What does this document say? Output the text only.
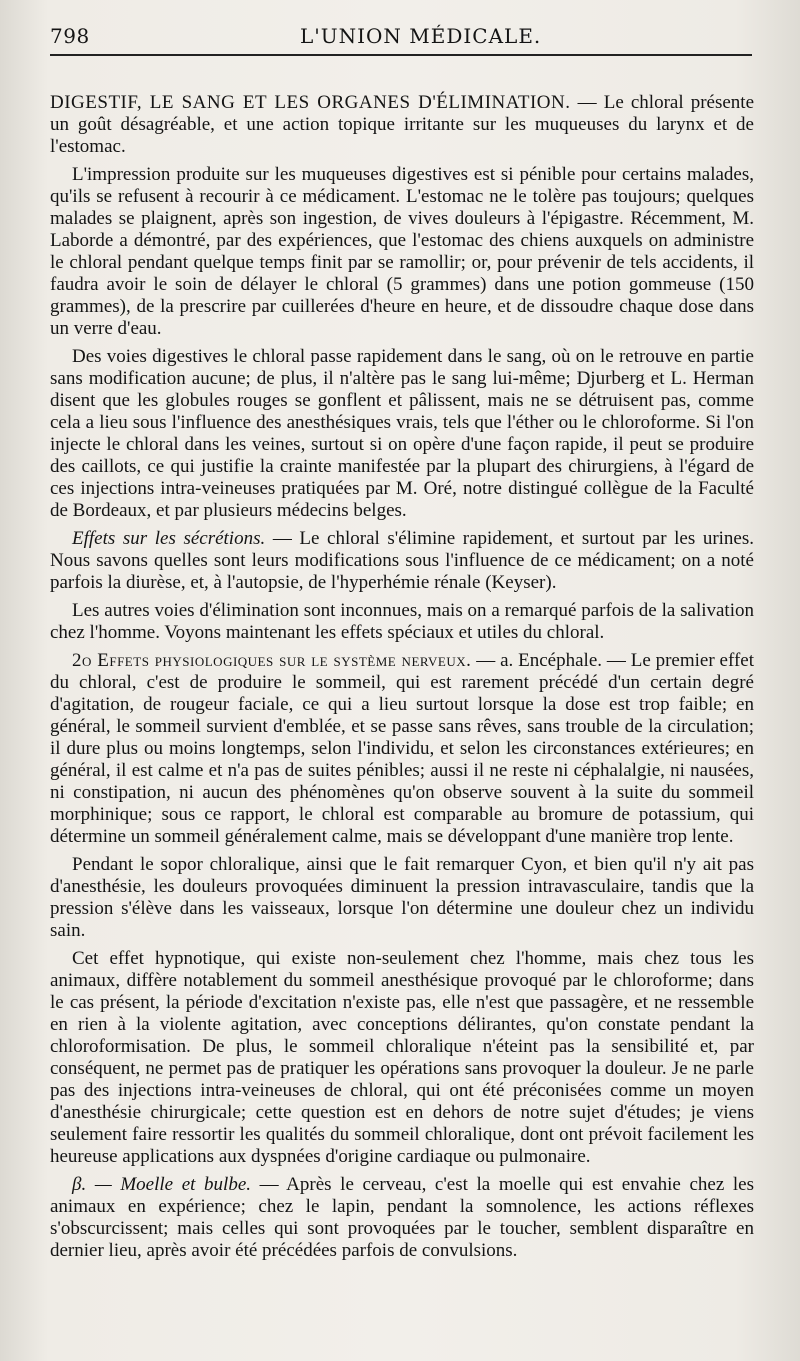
798	L'UNION MÉDICALE.

DIGESTIF, LE SANG ET LES ORGANES D'ÉLIMINATION. — Le chloral présente un goût désagréable, et une action topique irritante sur les muqueuses du larynx et de l'estomac.

L'impression produite sur les muqueuses digestives est si pénible pour certains malades, qu'ils se refusent à recourir à ce médicament. L'estomac ne le tolère pas toujours; quelques malades se plaignent, après son ingestion, de vives douleurs à l'épigastre. Récemment, M. Laborde a démontré, par des expériences, que l'estomac des chiens auxquels on administre le chloral pendant quelque temps finit par se ramollir; or, pour prévenir de tels accidents, il faudra avoir le soin de délayer le chloral (5 grammes) dans une potion gommeuse (150 grammes), de la prescrire par cuillerées d'heure en heure, et de dissoudre chaque dose dans un verre d'eau.

Des voies digestives le chloral passe rapidement dans le sang, où on le retrouve en partie sans modification aucune; de plus, il n'altère pas le sang lui-même; Djurberg et L. Herman disent que les globules rouges se gonflent et pâlissent, mais ne se détruisent pas, comme cela a lieu sous l'influence des anesthésiques vrais, tels que l'éther ou le chloroforme. Si l'on injecte le chloral dans les veines, surtout si on opère d'une façon rapide, il peut se produire des caillots, ce qui justifie la crainte manifestée par la plupart des chirurgiens, à l'égard de ces injections intra-veineuses pratiquées par M. Oré, notre distingué collègue de la Faculté de Bordeaux, et par plusieurs médecins belges.

Effets sur les sécrétions. — Le chloral s'élimine rapidement, et surtout par les urines. Nous savons quelles sont leurs modifications sous l'influence de ce médicament; on a noté parfois la diurèse, et, à l'autopsie, de l'hyperhémie rénale (Keyser).

Les autres voies d'élimination sont inconnues, mais on a remarqué parfois de la salivation chez l'homme. Voyons maintenant les effets spéciaux et utiles du chloral.

2o Effets physiologiques sur le système nerveux. — a. Encéphale. — Le premier effet du chloral, c'est de produire le sommeil, qui est rarement précédé d'un certain degré d'agitation, de rougeur faciale, ce qui a lieu surtout lorsque la dose est trop faible; en général, le sommeil survient d'emblée, et se passe sans rêves, sans trouble de la circulation; il dure plus ou moins longtemps, selon l'individu, et selon les circonstances extérieures; en général, il est calme et n'a pas de suites pénibles; aussi il ne reste ni céphalalgie, ni nausées, ni constipation, ni aucun des phénomènes qu'on observe souvent à la suite du sommeil morphinique; sous ce rapport, le chloral est comparable au bromure de potassium, qui détermine un sommeil généralement calme, mais se développant d'une manière trop lente.

Pendant le sopor chloralique, ainsi que le fait remarquer Cyon, et bien qu'il n'y ait pas d'anesthésie, les douleurs provoquées diminuent la pression intravasculaire, tandis que la pression s'élève dans les vaisseaux, lorsque l'on détermine une douleur chez un individu sain.

Cet effet hypnotique, qui existe non-seulement chez l'homme, mais chez tous les animaux, diffère notablement du sommeil anesthésique provoqué par le chloroforme; dans le cas présent, la période d'excitation n'existe pas, elle n'est que passagère, et ne ressemble en rien à la violente agitation, avec conceptions délirantes, qu'on constate pendant la chloroformisation. De plus, le sommeil chloralique n'éteint pas la sensibilité et, par conséquent, ne permet pas de pratiquer les opérations sans provoquer la douleur. Je ne parle pas des injections intra-veineuses de chloral, qui ont été préconisées comme un moyen d'anesthésie chirurgicale; cette question est en dehors de notre sujet d'études; je viens seulement faire ressortir les qualités du sommeil chloralique, dont ont prévoit facilement les heureuse applications aux dyspnées d'origine cardiaque ou pulmonaire.

β. — Moelle et bulbe. — Après le cerveau, c'est la moelle qui est envahie chez les animaux en expérience; chez le lapin, pendant la somnolence, les actions réflexes s'obscurcissent; mais celles qui sont provoquées par le toucher, semblent disparaître en dernier lieu, après avoir été précédées parfois de convulsions.
